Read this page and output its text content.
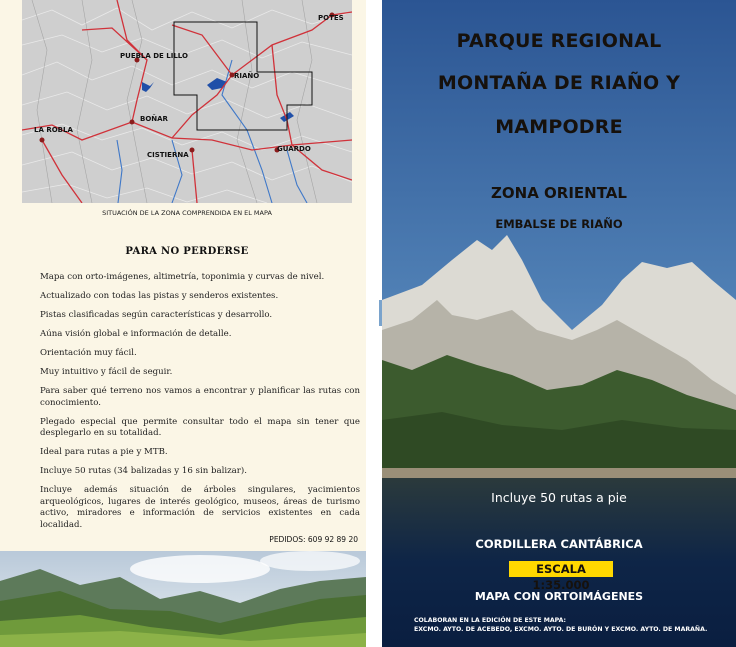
POTES
PUEBLA DE LILLO
RIAÑO
LA ROBLA
BOÑAR
CISTIERNA
GUARDO
SITUACIÓN DE LA ZONA COMPRENDIDA EN EL MAPA
PARA NO PERDERSE

Mapa con orto-imágenes, altimetría, toponimia y curvas de nivel.

Actualizado con todas las pistas y senderos existentes.

Pistas clasificadas según características y desarrollo.

Aúna visión global e información de detalle.

Orientación muy fácil.

Muy intuitivo y fácil de seguir.

Para saber qué terreno nos vamos a encontrar y planificar las rutas con conocimiento.

Plegado especial que permite consultar todo el mapa sin tener que desplegarlo en su totalidad.

Ideal para rutas a pie y MTB.

Incluye 50 rutas (34 balizadas y 16 sin balizar).

Incluye además situación de árboles singulares, yacimientos arqueológicos, lugares de interés geológico, museos, áreas de turismo activo, miradores e información de servicios existentes en cada localidad.

PEDIDOS: 609 92 89 20
PARQUE REGIONAL
MONTAÑA DE RIAÑO Y
MAMPODRE
ZONA ORIENTAL
EMBALSE DE RIAÑO
Incluye 50 rutas a pie
CORDILLERA CANTÁBRICA
ESCALA 1:35.000
MAPA CON ORTOIMÁGENES
COLABORAN EN LA EDICIÓN DE ESTE MAPA:
EXCMO. AYTO. DE ACEBEDO, EXCMO. AYTO. DE BURÓN Y EXCMO. AYTO. DE MARAÑA.
